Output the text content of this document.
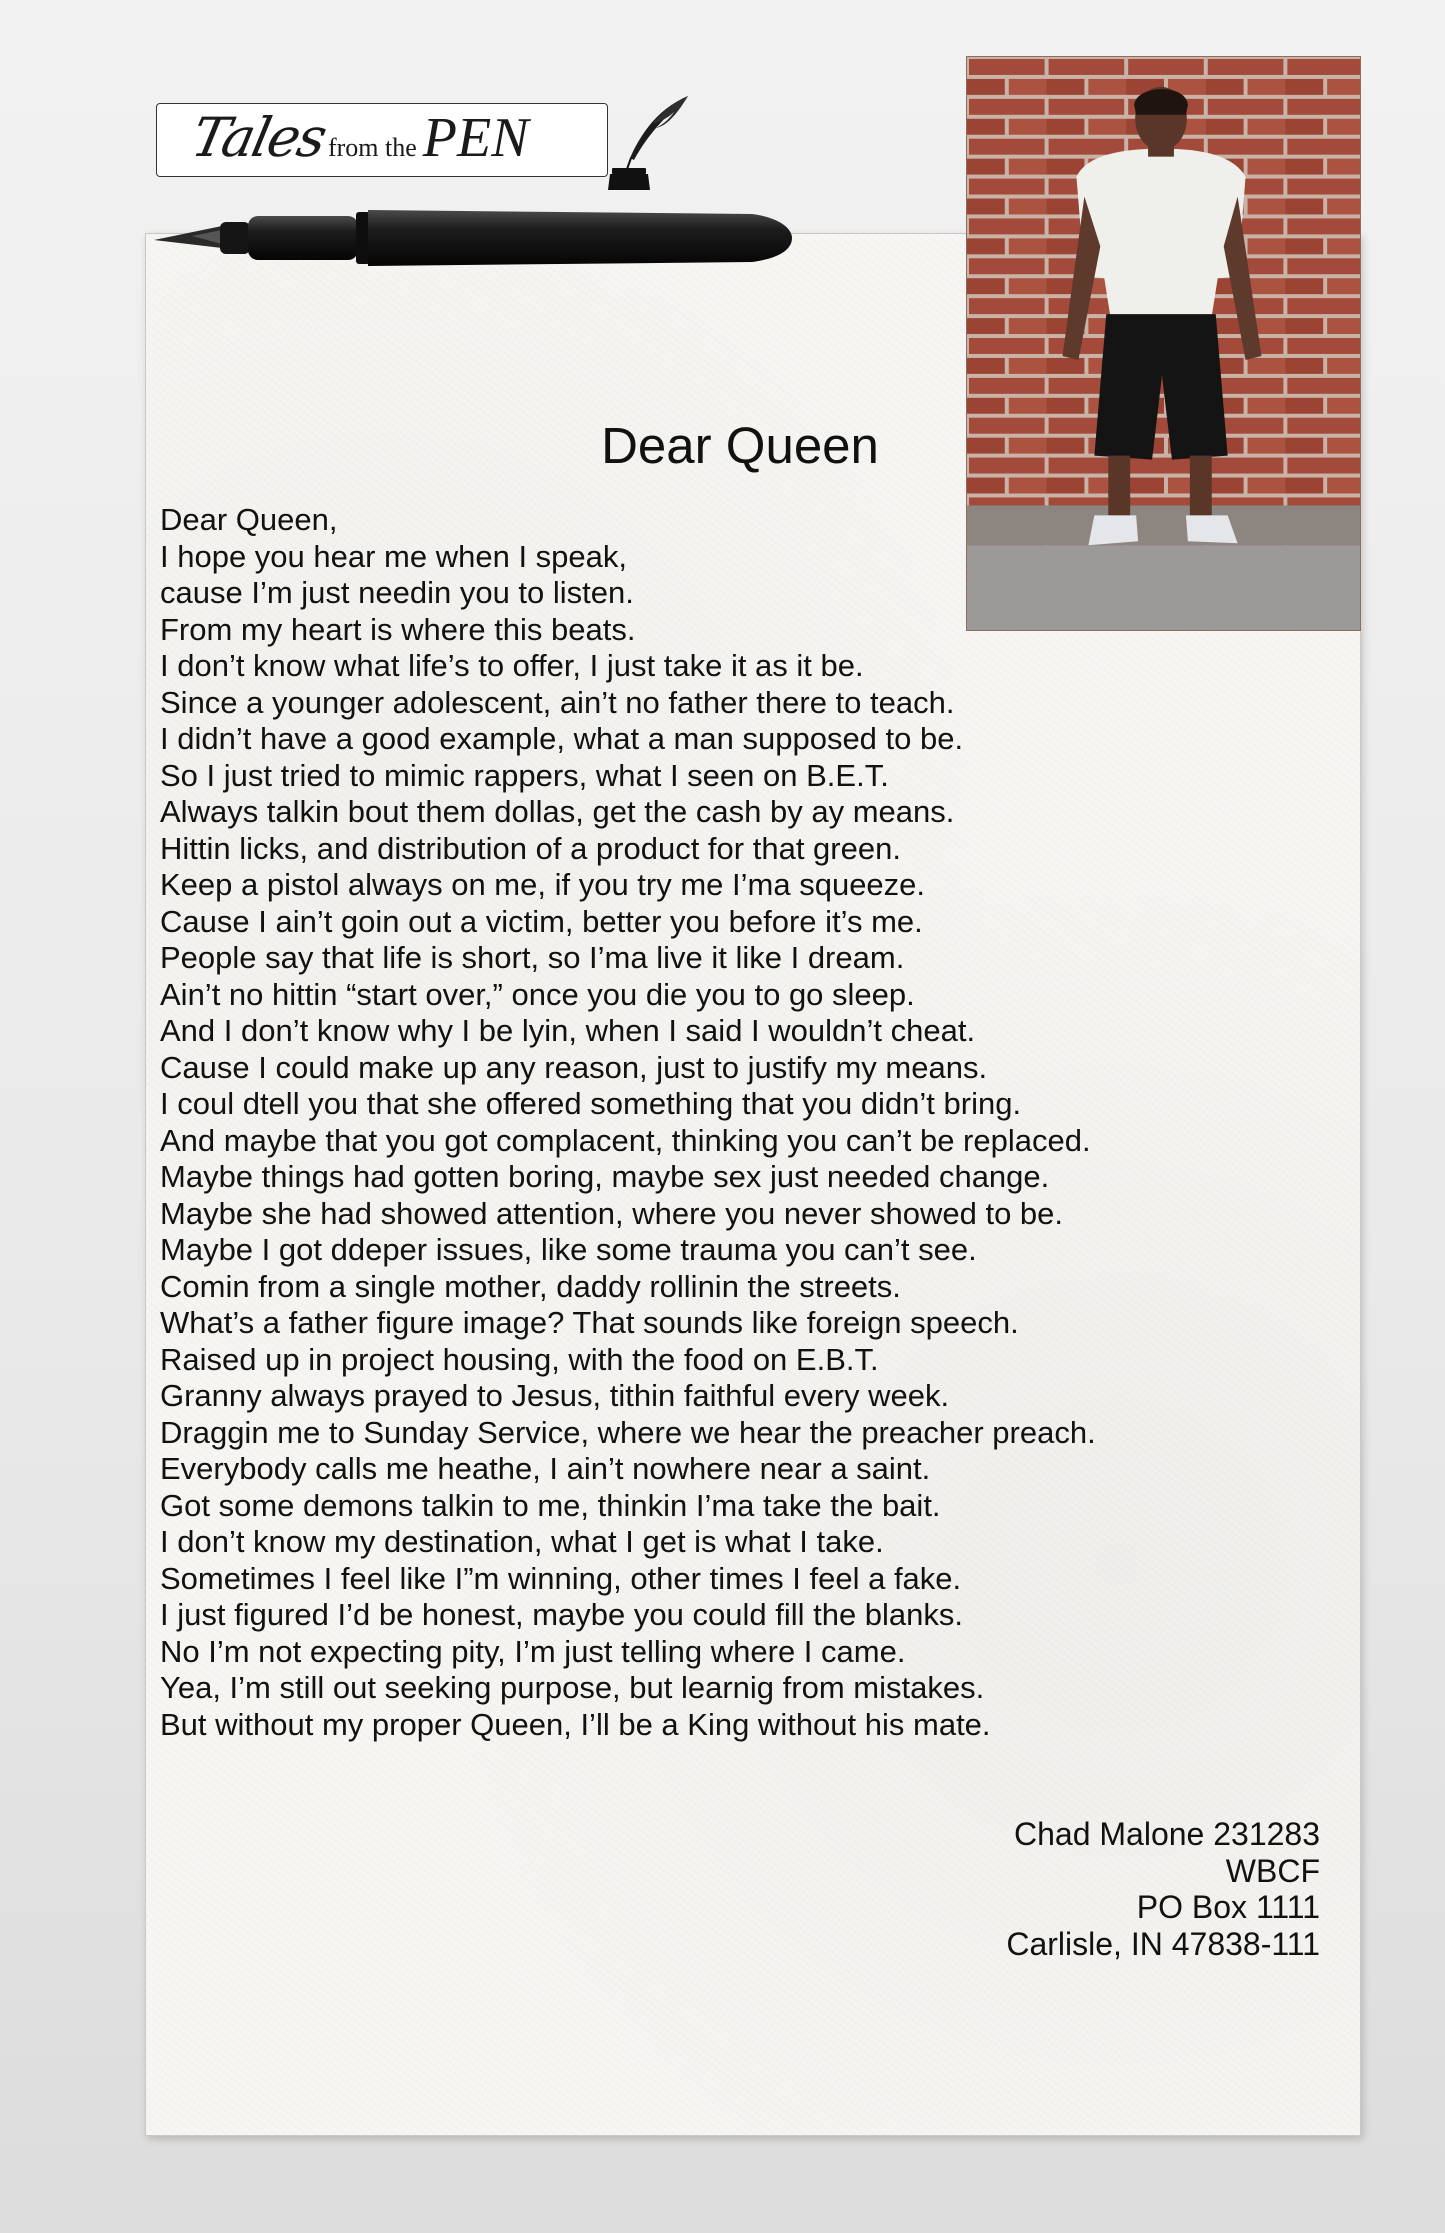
Talesfrom the PEN
Dear Queen
Dear Queen,
I hope you hear me when I speak,
cause I’m just needin you to listen.
From my heart is where this beats.
I don’t know what life’s to offer, I just take it as it be.
Since a younger adolescent, ain’t no father there to teach.
I didn’t have a good example, what a man supposed to be.
So I just tried to mimic rappers, what I seen on B.E.T.
Always talkin bout them dollas, get the cash by ay means.
Hittin licks, and distribution of a product for that green.
Keep a pistol always on me, if you try me I’ma squeeze.
Cause I ain’t goin out a victim, better you before it’s me.
People say that life is short, so I’ma live it like I dream.
Ain’t no hittin “start over,” once you die you to go sleep.
And I don’t know why I be lyin, when I said I wouldn’t cheat.
Cause I could make up any reason, just to justify my means.
I coul dtell you that she offered something that you didn’t bring.
And maybe that you got complacent, thinking you can’t be replaced.
Maybe things had gotten boring, maybe sex just needed change.
Maybe she had showed attention, where you never showed to be.
Maybe I got ddeper issues, like some trauma you can’t see.
Comin from a single mother, daddy rollinin the streets.
What’s a father figure image? That sounds like foreign speech.
Raised up in project housing, with the food on E.B.T.
Granny always prayed to Jesus, tithin faithful every week.
Draggin me to Sunday Service, where we hear the preacher preach.
Everybody calls me heathe, I ain’t nowhere near a saint.
Got some demons talkin to me, thinkin I’ma take the bait.
I don’t know my destination, what I get is what I take.
Sometimes I feel like I”m winning, other times I feel a fake.
I just figured I’d be honest, maybe you could fill the blanks.
No I’m not expecting pity, I’m just telling where I came.
Yea, I’m still out seeking purpose, but learnig from mistakes.
But without my proper Queen, I’ll be a King without his mate.
Chad Malone 231283
WBCF
PO Box 1111
Carlisle, IN 47838-111
